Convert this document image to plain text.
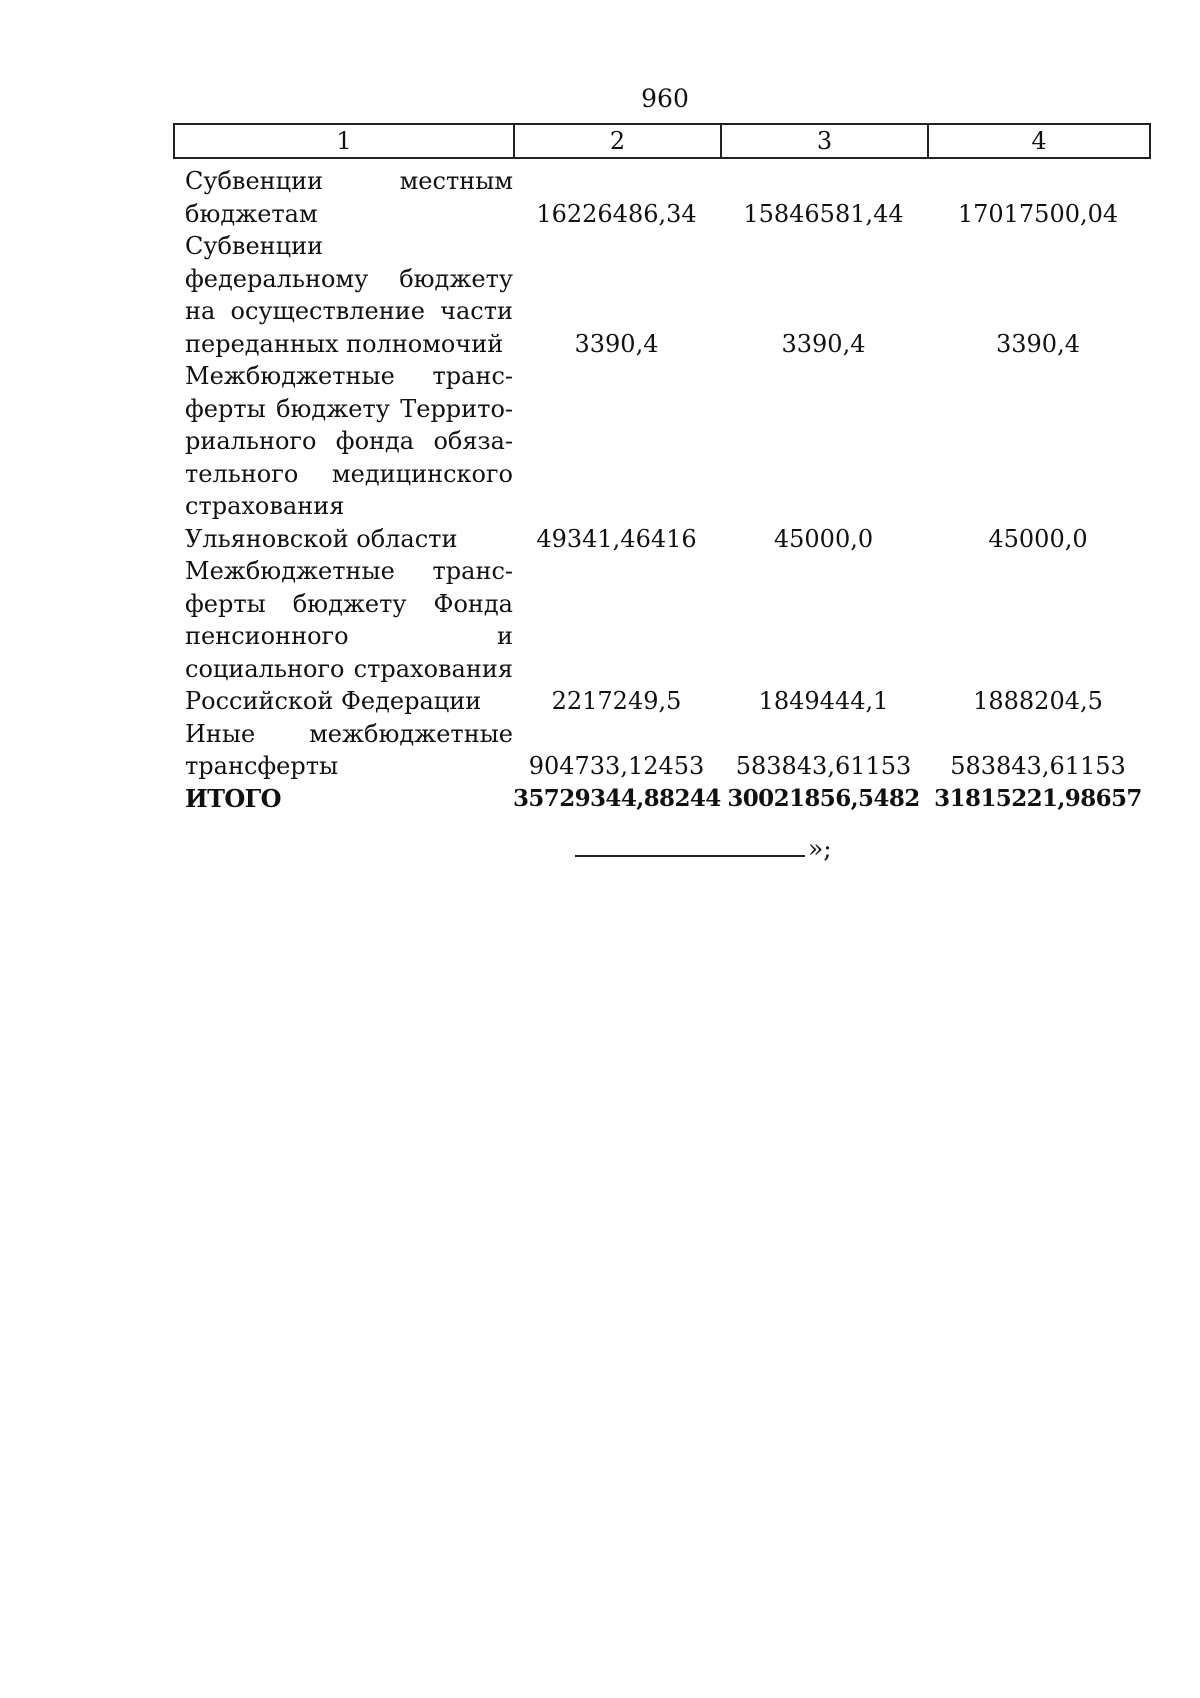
960
1	2	3	4
Субвенции местным бюджетам	16226486,34	15846581,44	17017500,04
Субвенции федеральному бюджету на осуществление части переданных полномочий	3390,4	3390,4	3390,4
Межбюджетные трансферты бюджету Территориального фонда обязательного медицинского страхования Ульяновской области	49341,46416	45000,0	45000,0
Межбюджетные трансферты бюджету Фонда пенсионного и социального страхования Российской Федерации	2217249,5	1849444,1	1888204,5
Иные межбюджетные трансферты	904733,12453	583843,61153	583843,61153
ИТОГО	35729344,88244 30021856,5482 31815221,98657
»;
